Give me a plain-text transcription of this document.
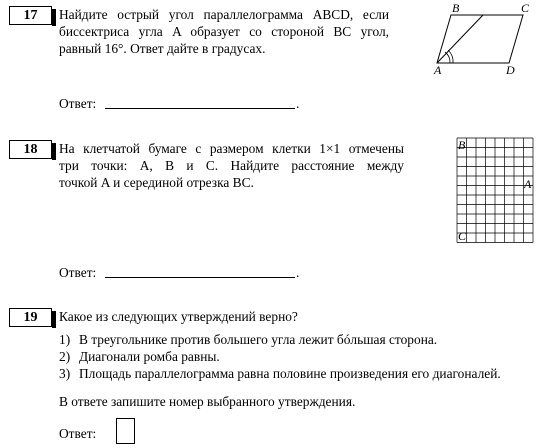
17	Найдите острый угол параллелограмма ABCD, если
биссектриса угла A образует со стороной BC угол,
равный 16°. Ответ дайте в градусах.
B	C
A	D
Ответ:	.
18	На клетчатой бумаге с размером клетки 1×1 отмечены
три точки: A, B и C. Найдите расстояние между
точкой A и серединой отрезка BC.
B
A
C
Ответ:	.
19	Какое из следующих утверждений верно?
1) В треугольнике против большего угла лежит бóльшая сторона.
2) Диагонали ромба равны.
3) Площадь параллелограмма равна половине произведения его диагоналей.
В ответе запишите номер выбранного утверждения.
Ответ:
